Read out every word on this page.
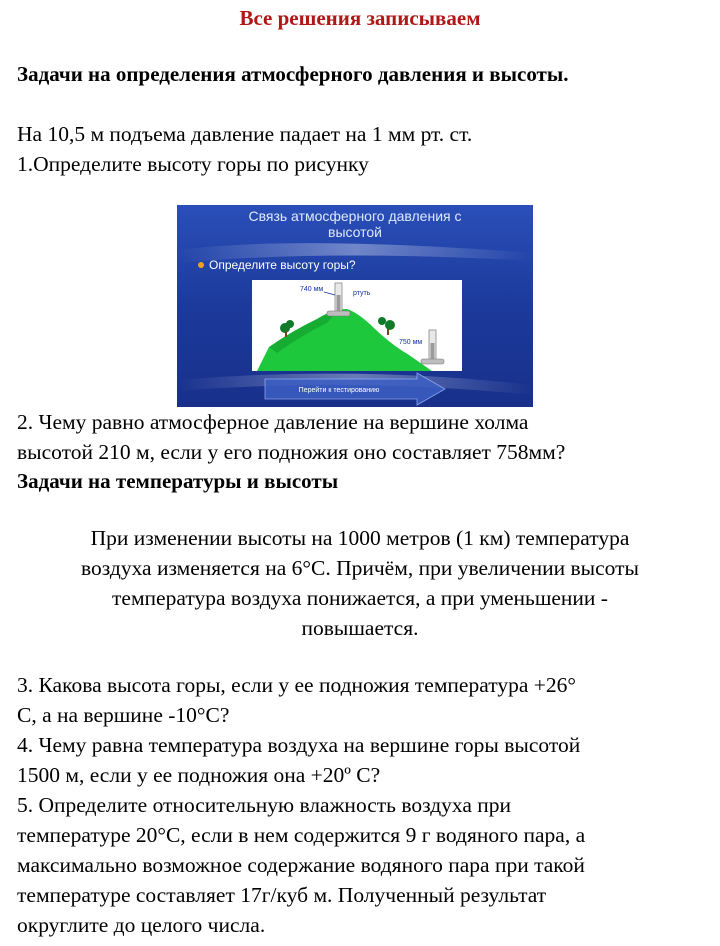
Все решения записываем

Задачи на определения атмосферного давления и высоты.

На 10,5 м подъема давление падает на 1 мм рт. ст.

1.Определите высоту горы по рисунку

Связь атмосферного давления с
высотой
Определите высоту горы?
740 мм
ртуть
750 мм
Перейти к тестированию

2. Чему равно атмосферное давление на вершине холма

высотой 210 м, если у его подножия оно составляет 758мм?

Задачи на температуры и высоты

При изменении высоты на 1000 метров (1 км) температура

воздуха изменяется на 6°С. Причём, при увеличении высоты

температура воздуха понижается, а при уменьшении -

повышается.

3. Какова высота горы, если у ее подножия температура +26°

С, а на вершине -10°С?

4. Чему равна температура воздуха на вершине горы высотой

1500 м, если у ее подножия она +20º С?

5. Определите относительную влажность воздуха при

температуре 20°С, если в нем содержится 9 г водяного пара, а

максимально возможное содержание водяного пара при такой

температуре составляет 17г/куб м. Полученный результат

округлите до целого числа.
